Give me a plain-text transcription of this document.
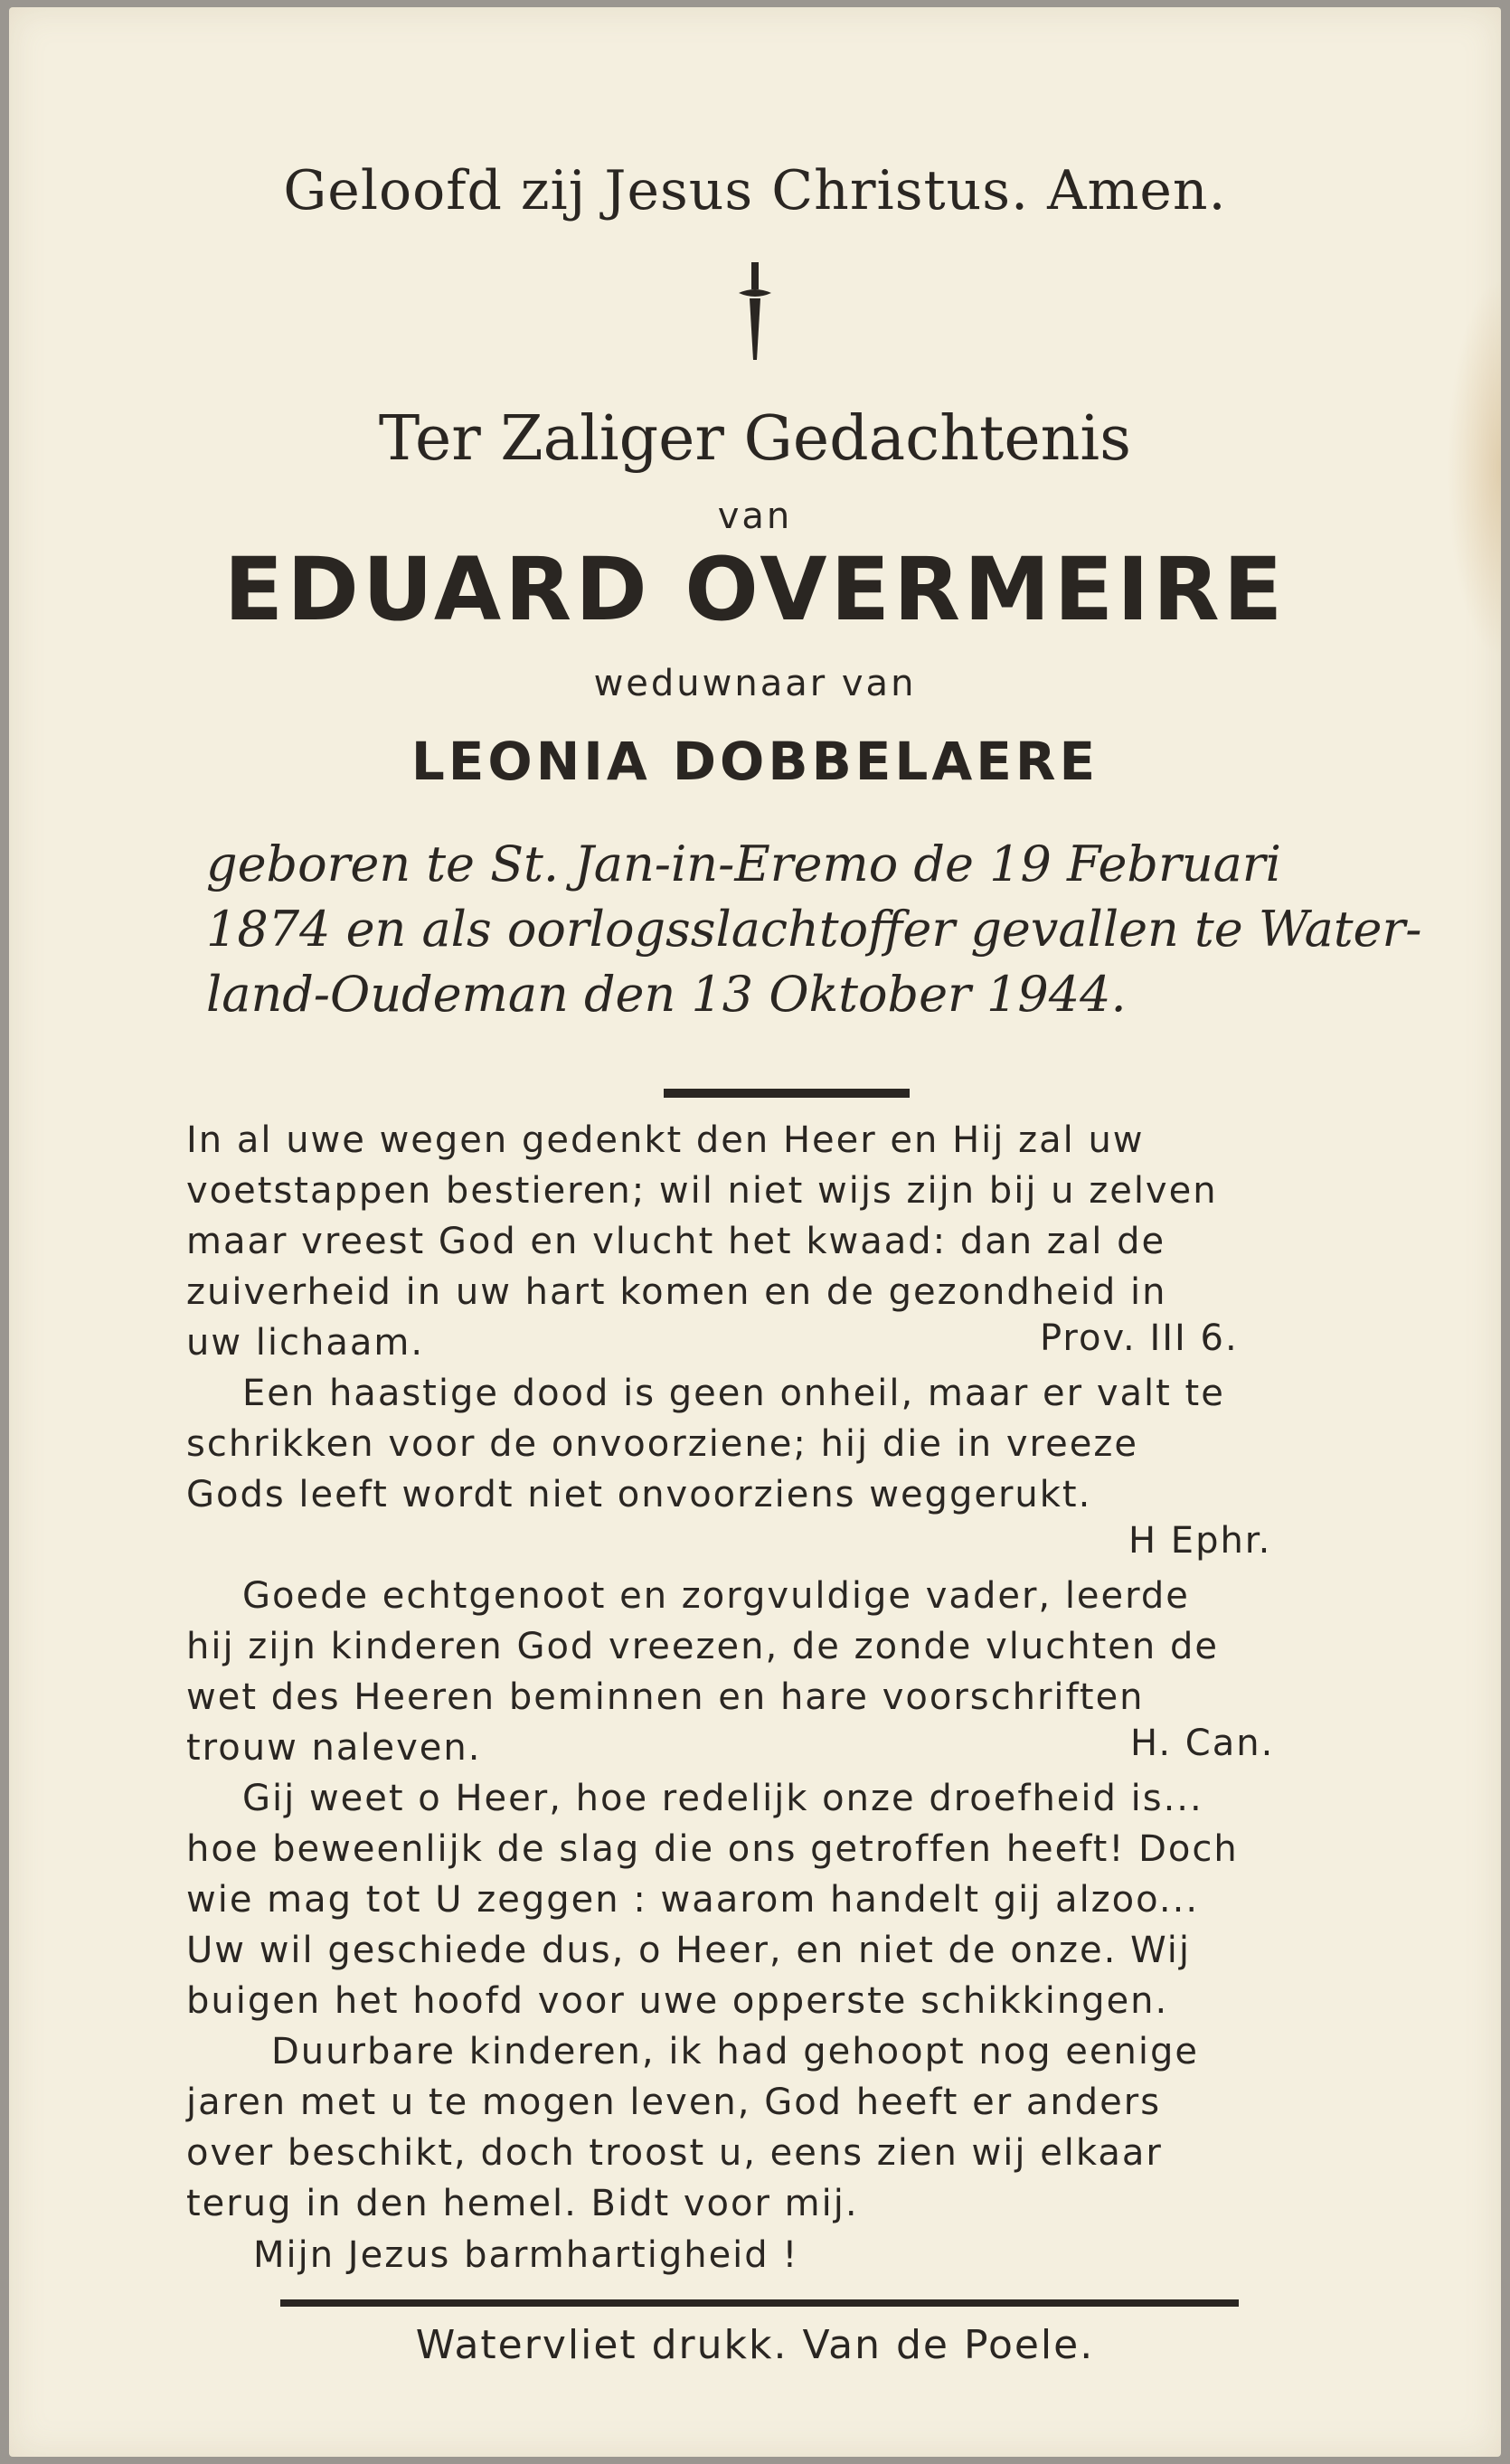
Geloofd zij Jesus Christus. Amen.
Ter Zaliger Gedachtenis
van
EDUARD OVERMEIRE
weduwnaar van
LEONIA DOBBELAERE
geboren te St. Jan-in-Eremo de 19 Februari
1874 en als oorlogsslachtoffer gevallen te Water-
land-Oudeman den 13 Oktober 1944.
In al uwe wegen gedenkt den Heer en Hij zal uw
voetstappen bestieren; wil niet wijs zijn bij u zelven
maar vreest God en vlucht het kwaad: dan zal de
zuiverheid in uw hart komen en de gezondheid in
uw lichaam.	Prov. III 6.
Een haastige dood is geen onheil, maar er valt te
schrikken voor de onvoorziene; hij die in vreeze
Gods leeft wordt niet onvoorziens weggerukt.
H Ephr.
Goede echtgenoot en zorgvuldige vader, leerde
hij zijn kinderen God vreezen, de zonde vluchten de
wet des Heeren beminnen en hare voorschriften
trouw naleven.	H. Can.
Gij weet o Heer, hoe redelijk onze droefheid is...
hoe beweenlijk de slag die ons getroffen heeft! Doch
wie mag tot U zeggen : waarom handelt gij alzoo...
Uw wil geschiede dus, o Heer, en niet de onze. Wij
buigen het hoofd voor uwe opperste schikkingen.
Duurbare kinderen, ik had gehoopt nog eenige
jaren met u te mogen leven, God heeft er anders
over beschikt, doch troost u, eens zien wij elkaar
terug in den hemel. Bidt voor mij.
Mijn Jezus barmhartigheid !
Watervliet drukk. Van de Poele.
